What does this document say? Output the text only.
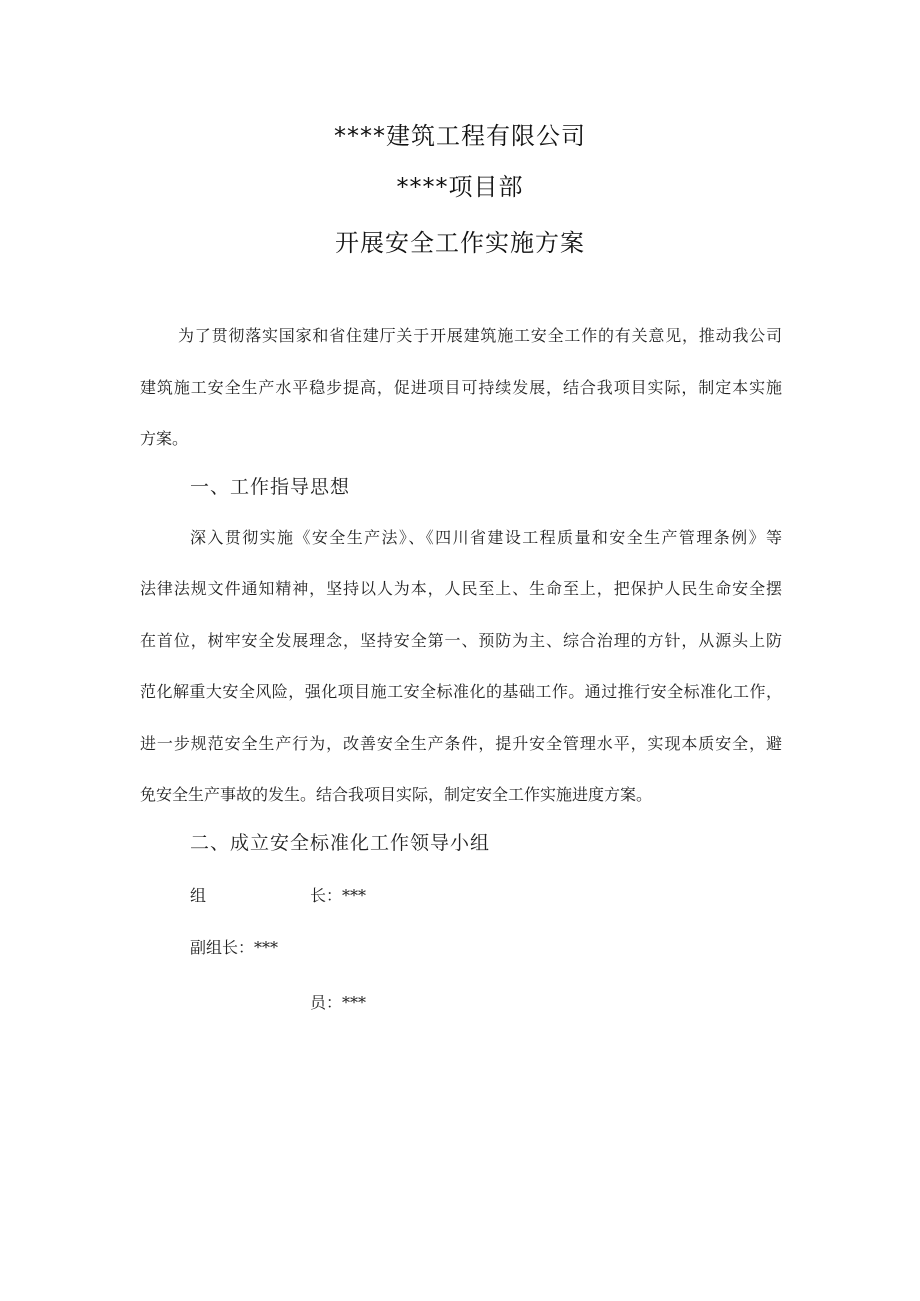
****建筑工程有限公司
****项目部
开展安全工作实施方案
为了贯彻落实国家和省住建厅关于开展建筑施工安全工作的有关意见，推动我公司
建筑施工安全生产水平稳步提高，促进项目可持续发展，结合我项目实际，制定本实施
方案。
一、工作指导思想
深入贯彻实施《安全生产法》、《四川省建设工程质量和安全生产管理条例》等
法律法规文件通知精神，坚持以人为本，人民至上、生命至上，把保护人民生命安全摆
在首位，树牢安全发展理念，坚持安全第一、预防为主、综合治理的方针，从源头上防
范化解重大安全风险，强化项目施工安全标准化的基础工作。通过推行安全标准化工作，
进一步规范安全生产行为，改善安全生产条件，提升安全管理水平，实现本质安全，避
免安全生产事故的发生。结合我项目实际，制定安全工作实施进度方案。
二、成立安全标准化工作领导小组
组	长：***
副组长：***
员：***
